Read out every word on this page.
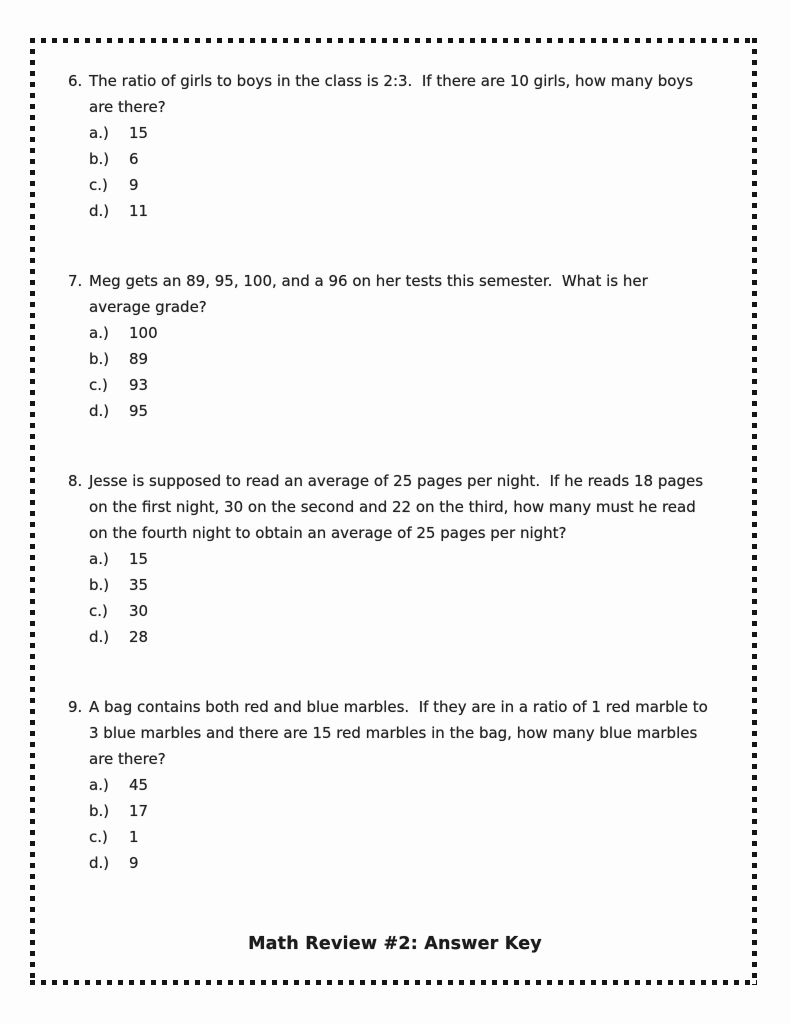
6. The ratio of girls to boys in the class is 2:3.  If there are 10 girls, how many boys are there?

a.)	15
b.)	6
c.)	9
d.)	11
7. Meg gets an 89, 95, 100, and a 96 on her tests this semester.  What is her average grade?

a.)	100
b.)	89
c.)	93
d.)	95
8. Jesse is supposed to read an average of 25 pages per night.  If he reads 18 pages on the first night, 30 on the second and 22 on the third, how many must he read on the fourth night to obtain an average of 25 pages per night?

a.)	15
b.)	35
c.)	30
d.)	28
9. A bag contains both red and blue marbles.  If they are in a ratio of 1 red marble to 3 blue marbles and there are 15 red marbles in the bag, how many blue marbles are there?

a.)	45
b.)	17
c.)	1
d.)	9
Math Review #2: Answer Key
